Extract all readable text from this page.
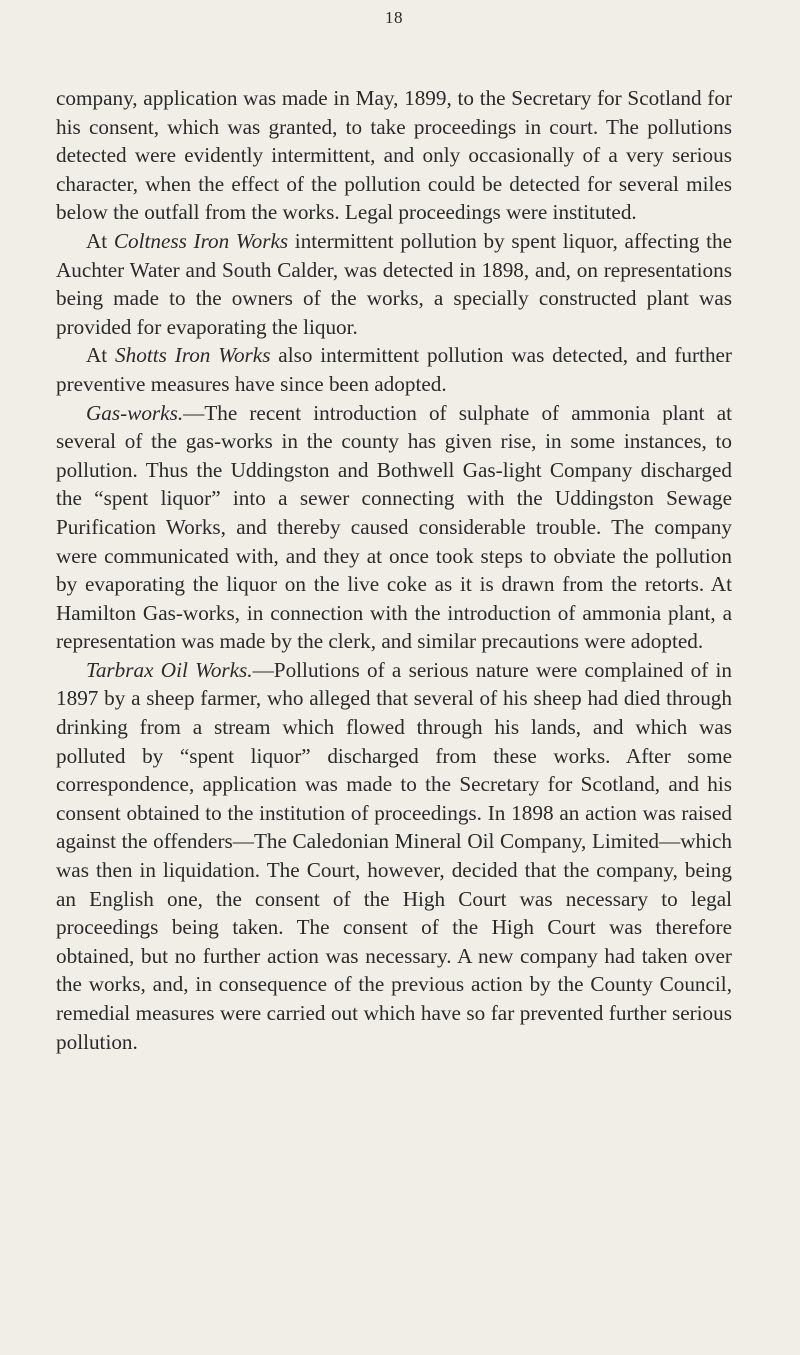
18

company, application was made in May, 1899, to the Secretary for Scotland for his consent, which was granted, to take proceedings in court. The pollutions detected were evidently intermittent, and only occasionally of a very serious character, when the effect of the pollution could be detected for several miles below the outfall from the works. Legal proceedings were instituted.

At Coltness Iron Works intermittent pollution by spent liquor, affecting the Auchter Water and South Calder, was detected in 1898, and, on representations being made to the owners of the works, a specially constructed plant was provided for evaporating the liquor.

At Shotts Iron Works also intermittent pollution was detected, and further preventive measures have since been adopted.

Gas-works.—The recent introduction of sulphate of ammonia plant at several of the gas-works in the county has given rise, in some instances, to pollution. Thus the Uddingston and Bothwell Gas-light Company discharged the “spent liquor” into a sewer connecting with the Uddingston Sewage Purification Works, and thereby caused considerable trouble. The company were communicated with, and they at once took steps to obviate the pollution by evaporating the liquor on the live coke as it is drawn from the retorts. At Hamilton Gas-works, in connection with the introduction of ammonia plant, a representation was made by the clerk, and similar precautions were adopted.

Tarbrax Oil Works.—Pollutions of a serious nature were complained of in 1897 by a sheep farmer, who alleged that several of his sheep had died through drinking from a stream which flowed through his lands, and which was polluted by “spent liquor” discharged from these works. After some correspondence, application was made to the Secretary for Scotland, and his consent obtained to the institution of proceedings. In 1898 an action was raised against the offenders—The Caledonian Mineral Oil Company, Limited—which was then in liquidation. The Court, however, decided that the company, being an English one, the consent of the High Court was necessary to legal proceedings being taken. The consent of the High Court was therefore obtained, but no further action was necessary. A new company had taken over the works, and, in consequence of the previous action by the County Council, remedial measures were carried out which have so far prevented further serious pollution.
